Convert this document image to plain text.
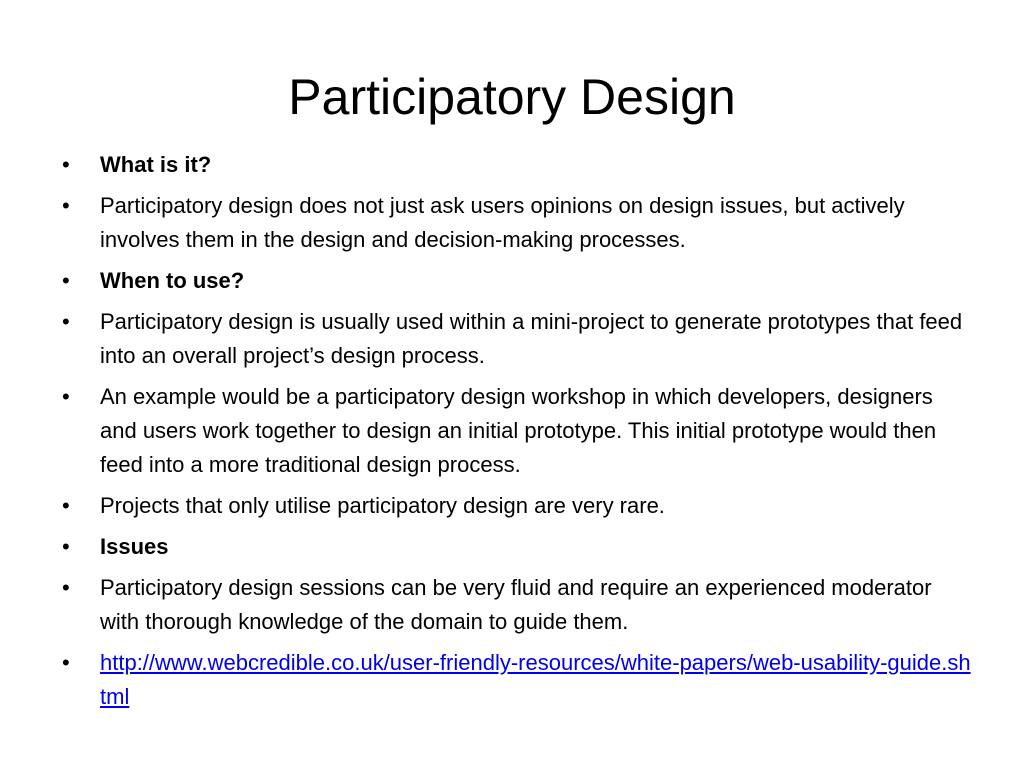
Participatory Design
•	What is it?
•	Participatory design does not just ask users opinions on design issues, but actively involves them in the design and decision-making processes.
•	When to use?
•	Participatory design is usually used within a mini-project to generate prototypes that feed into an overall project’s design process.
•	An example would be a participatory design workshop in which developers, designers and users work together to design an initial prototype. This initial prototype would then feed into a more traditional design process.
•	Projects that only utilise participatory design are very rare.
•	Issues
•	Participatory design sessions can be very fluid and require an experienced moderator with thorough knowledge of the domain to guide them.
•	http://www.webcredible.co.uk/user-friendly-resources/white-papers/web-usability-guide.shtml
